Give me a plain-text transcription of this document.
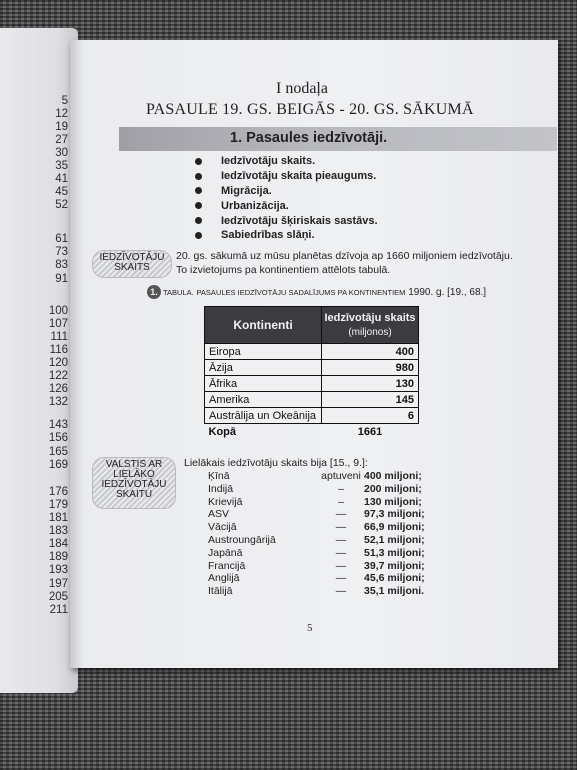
5
12
19
27
30
35
41
45
52
61
73
83
91
100
107
111
116
120
122
126
132
143
156
165
169
176
179
181
183
184
189
193
197
205
211
I nodaļa
PASAULE 19. GS. BEIGĀS - 20. GS. SĀKUMĀ
1. Pasaules iedzīvotāji.
Iedzīvotāju skaits.
Iedzīvotāju skaita pieaugums.
Migrācija.
Urbanizācija.
Iedzīvotāju šķiriskais sastāvs.
Sabiedrības slāņi.
IEDZĪVOTĀJU
SKAITS
20. gs. sākumā uz mūsu planētas dzīvoja ap 1660 miljoniem iedzīvotāju. To izvietojums pa kontinentiem attēlots tabulā.
1. TABULA.
PASAULES IEDZĪVOTĀJU SADALĪJUMS PA KONTINENTIEM
1990. g.
[19., 68.]
Kontinenti	Iedzīvotāju skaits
(miljonos)
Eiropa	400
Āzija	980
Āfrika	130
Amerika	145
Austrālija un Okeānija	6
Kopā	1661
VALSTIS AR
LIELĀKO
IEDZĪVOTĀJU
SKAITU
Lielākais iedzīvotāju skaits bija [15., 9.]:
Ķīnā	aptuveni 400 miljoni;
Indijā	–	200 miljoni;
Krievijā	–	130 miljoni;
ASV	—	97,3 miljoni;
Vācijā	—	66,9 miljoni;
Austroungārijā	—	52,1 miljoni;
Japānā	—	51,3 miljoni;
Francijā	—	39,7 miljoni;
Anglijā	—	45,6 miljoni;
Itālijā	—	35,1 miljoni.
5
